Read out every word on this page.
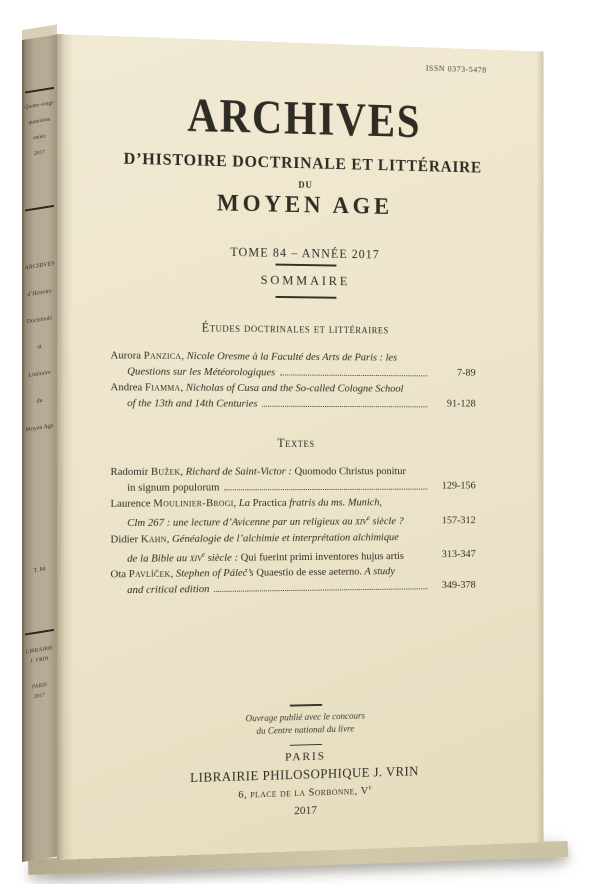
Quatre-vingt-
quatrième
année
2017
ARCHIVES
d’Histoire
Doctrinale
et
Littéraire
du
Moyen Age
T. 84
LIBRAIRIE
J. VRIN
PARIS
2017
ISSN 0373-5478
ARCHIVES
D’HISTOIRE DOCTRINALE ET LITTÉRAIRE
DU
MOYEN AGE
TOME 84 – ANNÉE 2017
SOMMAIRE
Études doctrinales et littéraires
Aurora Panzica, Nicole Oresme à la Faculté des Arts de Paris : les
Questions sur les Météorologiques	7-89
Andrea Fiamma, Nicholas of Cusa and the So-called Cologne School
of the 13th and 14th Centuries	91-128
Textes
Radomír Bužek, Richard de Saint-Victor : Quomodo Christus ponitur
in signum populorum	129-156
Laurence Moulinier-Brogi, La Practica fratris du ms. Munich,
Clm 267 : une lecture d’Avicenne par un religieux au xiv$^e$ siècle ?	157-312
Didier Kahn, Généalogie de l’alchimie et interprétation alchimique
de la Bible au xiv$^e$ siècle : Qui fuerint primi inventores hujus artis	313-347
Ota Pavlíček, Stephen of Páleč’s Quaestio de esse aeterno. A study
and critical edition	349-378
Ouvrage publié avec le concours
du Centre national du livre
PARIS
LIBRAIRIE PHILOSOPHIQUE J. VRIN
6, place de la Sorbonne, Ve
2017
